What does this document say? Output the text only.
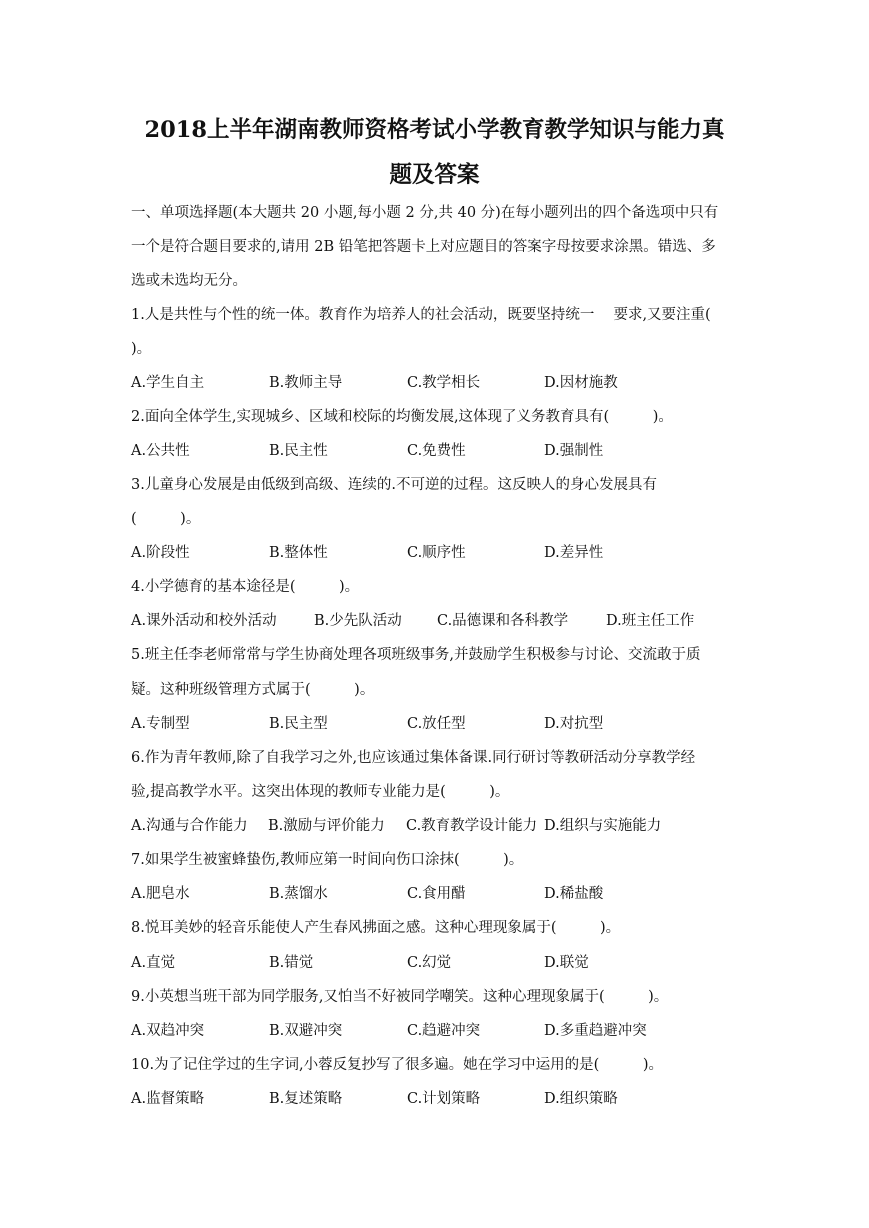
2018上半年湖南教师资格考试小学教育教学知识与能力真
题及答案
一、单项选择题(本大题共 20 小题,每小题 2 分,共 40 分)在每小题列出的四个备选项中只有
一个是符合题目要求的,请用 2B 铅笔把答题卡上对应题目的答案字母按要求涂黑。错选、多
选或未选均无分。
1.人是共性与个性的统一体。教育作为培养人的社会活动，既要坚持统一　 要求,又要注重(
)。
A.学生自主	B.教师主导	C.教学相长	D.因材施教
2.面向全体学生,实现城乡、区域和校际的均衡发展,这体现了义务教育具有(　　　)。
A.公共性	B.民主性	C.免费性	D.强制性
3.儿童身心发展是由低级到高级、连续的.不可逆的过程。这反映人的身心发展具有
(　　　)。
A.阶段性	B.整体性	C.顺序性	D.差异性
4.小学德育的基本途径是(　　　)。
A.课外活动和校外活动	B.少先队活动 C.品德课和各科教学	D.班主任工作
5.班主任李老师常常与学生协商处理各项班级事务,并鼓励学生积极参与讨论、交流敢于质
疑。这种班级管理方式属于(　　　)。
A.专制型	B.民主型	C.放任型	D.对抗型
6.作为青年教师,除了自我学习之外,也应该通过集体备课.同行研讨等教研活动分享教学经
验,提高教学水平。这突出体现的教师专业能力是(　　　)。
A.沟通与合作能力 B.激励与评价能力 C.教育教学设计能力 D.组织与实施能力
7.如果学生被蜜蜂蛰伤,教师应第一时间向伤口涂抹(　　　)。
A.肥皂水	B.蒸馏水	C.食用醋	D.稀盐酸
8.悦耳美妙的轻音乐能使人产生春风拂面之感。这种心理现象属于(　　　)。
A.直觉	B.错觉	C.幻觉	D.联觉
9.小英想当班干部为同学服务,又怕当不好被同学嘲笑。这种心理现象属于(　　　)。
A.双趋冲突	B.双避冲突	C.趋避冲突	D.多重趋避冲突
10.为了记住学过的生字词,小蓉反复抄写了很多遍。她在学习中运用的是(　　　)。
A.监督策略	B.复述策略	C.计划策略	D.组织策略
